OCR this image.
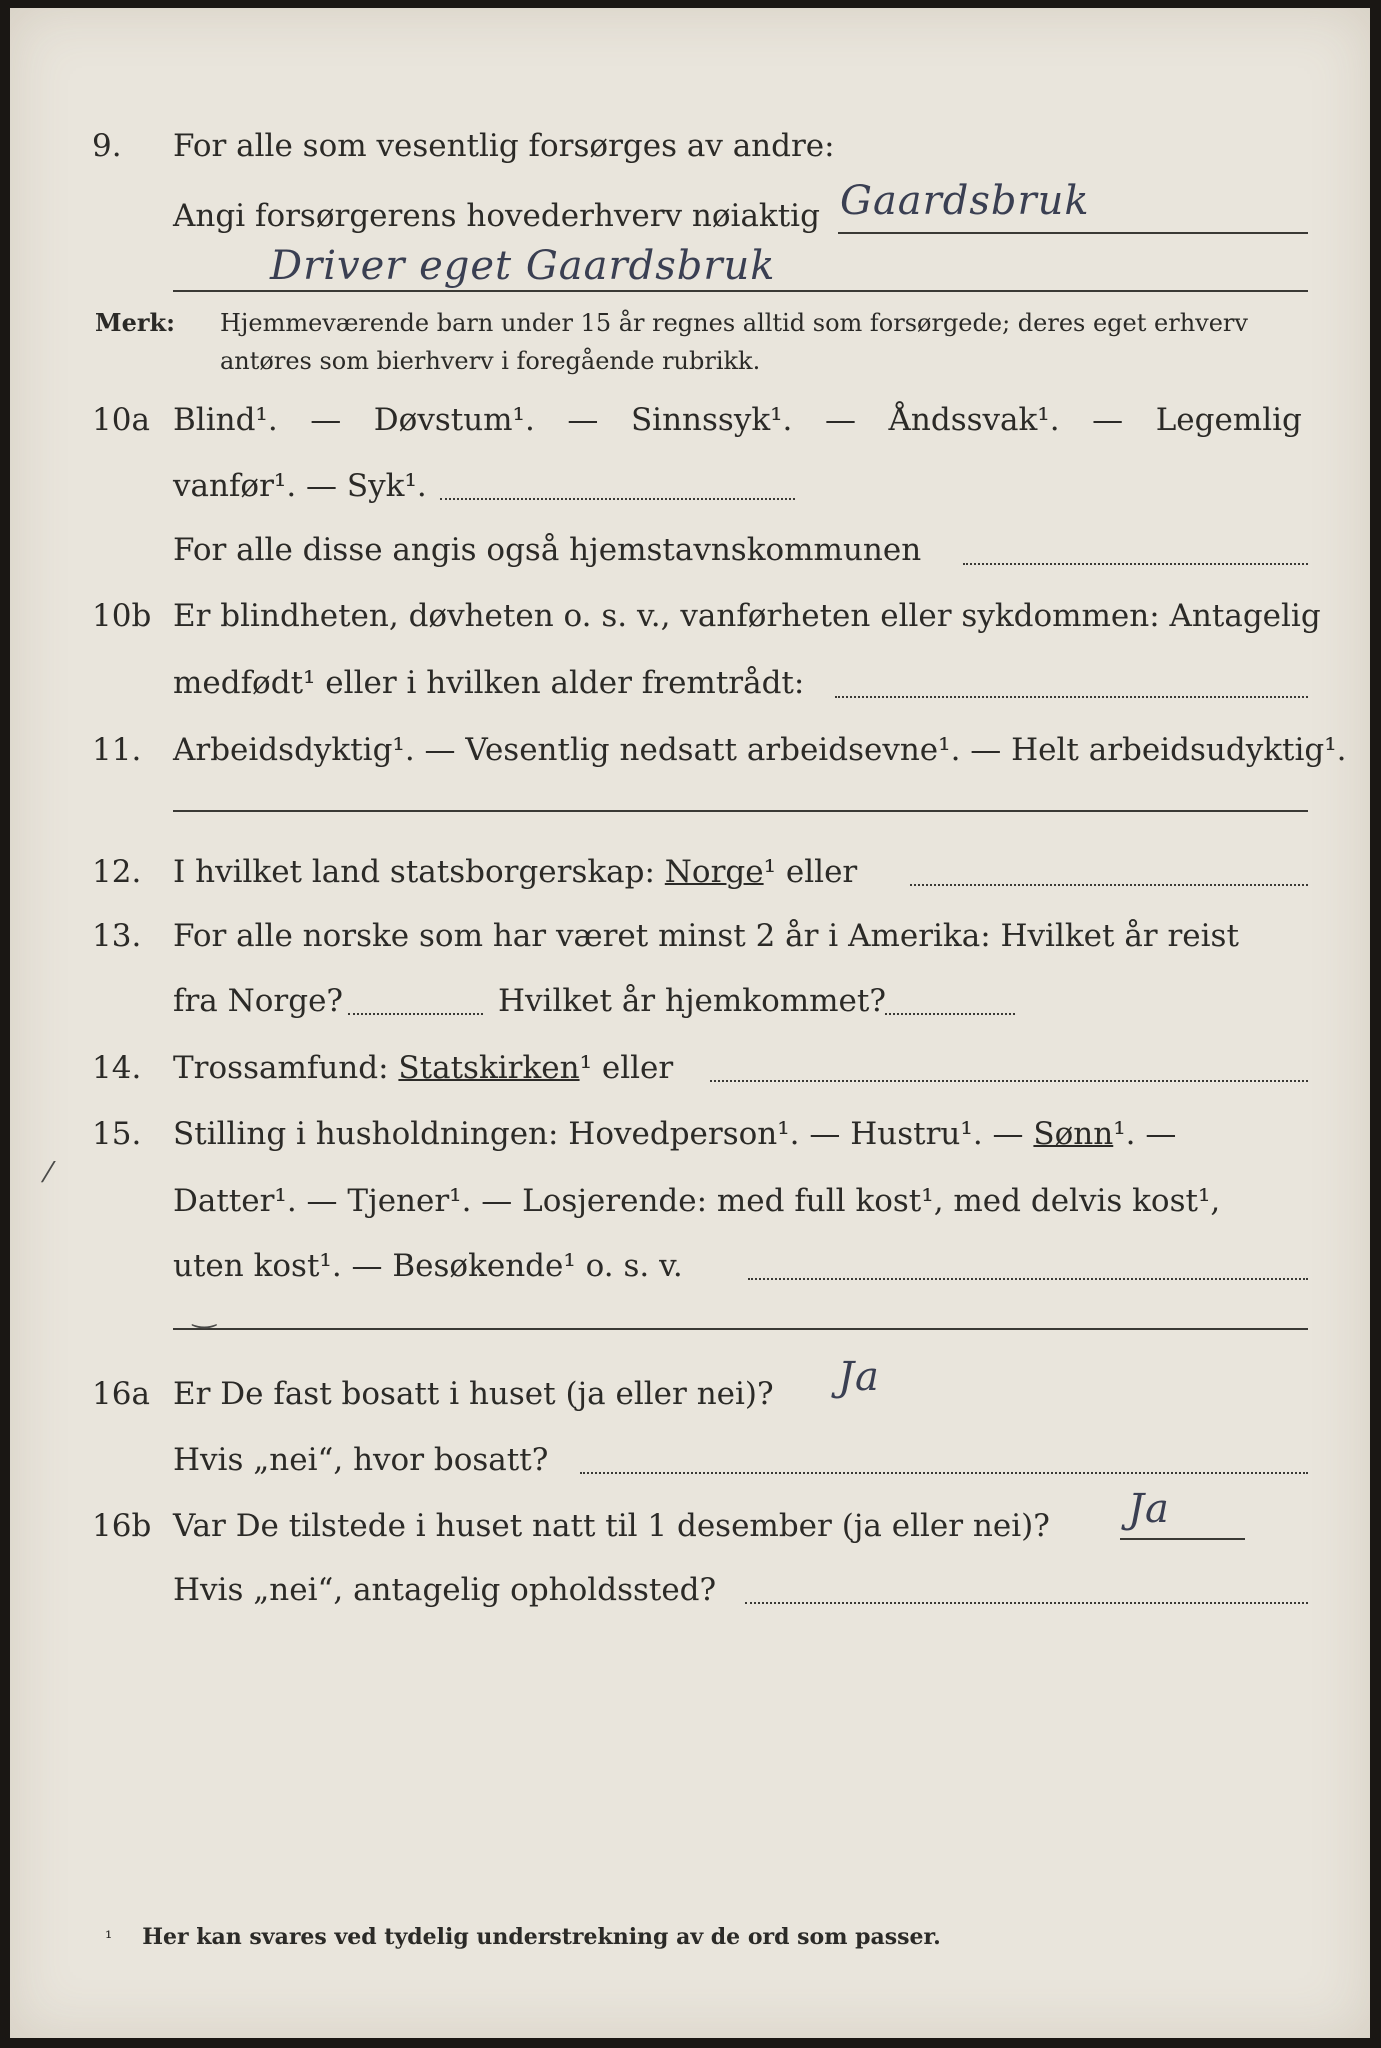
9. For alle som vesentlig forsørges av andre:
Angi forsørgerens hovederhverv nøiaktig Gaardsbruk
Driver eget Gaardsbruk
Merk: Hjemmeværende barn under 15 år regnes alltid som forsørgede; deres eget erhverv
antøres som bierhverv i foregående rubrikk.
10a Blind¹. — Døvstum¹. — Sinnssyk¹. — Åndssvak¹. — Legemlig
vanfør¹. — Syk¹.
For alle disse angis også hjemstavnskommunen
10b Er blindheten, døvheten o. s. v., vanførheten eller sykdommen: Antagelig
medfødt¹ eller i hvilken alder fremtrådt:
11. Arbeidsdyktig¹. — Vesentlig nedsatt arbeidsevne¹. — Helt arbeidsudyktig¹.
12. I hvilket land statsborgerskap: Norge¹ eller
13. For alle norske som har været minst 2 år i Amerika: Hvilket år reist
fra Norge?	Hvilket år hjemkommet?
14. Trossamfund: Statskirken¹ eller
15. Stilling i husholdningen: Hovedperson¹. — Hustru¹. — Sønn¹. —
Datter¹. — Tjener¹. — Losjerende: med full kost¹, med delvis kost¹,
uten kost¹. — Besøkende¹ o. s. v.
⁄
‿
16a Er De fast bosatt i huset (ja eller nei)? Ja
Hvis „nei“, hvor bosatt?
16b Var De tilstede i huset natt til 1 desember (ja eller nei)? Ja
Hvis „nei“, antagelig opholdssted?
¹ Her kan svares ved tydelig understrekning av de ord som passer.
